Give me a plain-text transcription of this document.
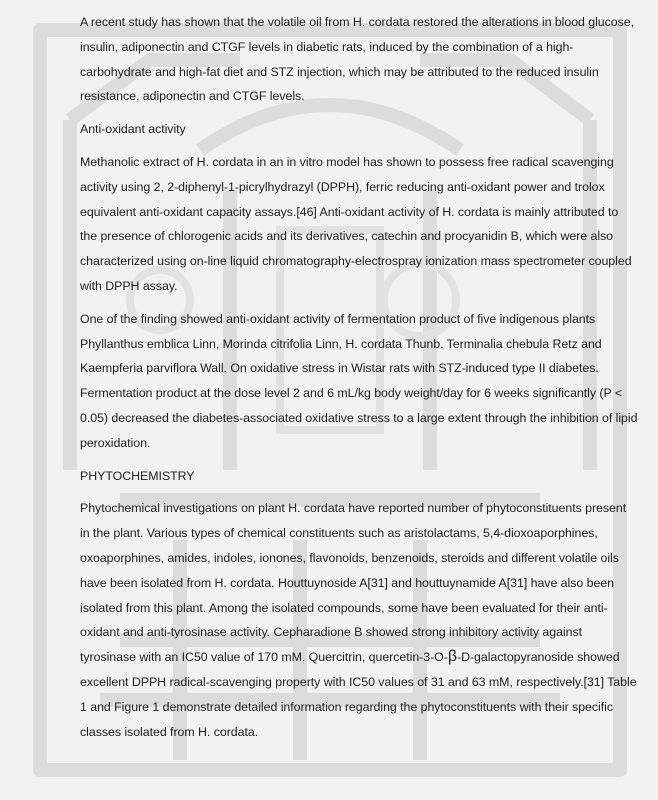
A recent study has shown that the volatile oil from H. cordata restored the alterations in blood glucose, insulin, adiponectin and CTGF levels in diabetic rats, induced by the combination of a high-carbohydrate and high-fat diet and STZ injection, which may be attributed to the reduced insulin resistance, adiponectin and CTGF levels.

Anti-oxidant activity

Methanolic extract of H. cordata in an in vitro model has shown to possess free radical scavenging activity using 2, 2-diphenyl-1-picrylhydrazyl (DPPH), ferric reducing anti-oxidant power and trolox equivalent anti-oxidant capacity assays.[46] Anti-oxidant activity of H. cordata is mainly attributed to the presence of chlorogenic acids and its derivatives, catechin and procyanidin B, which were also characterized using on-line liquid chromatography-electrospray ionization mass spectrometer coupled with DPPH assay.

One of the finding showed anti-oxidant activity of fermentation product of five indigenous plants Phyllanthus emblica Linn, Morinda citrifolia Linn, H. cordata Thunb. Terminalia chebula Retz and Kaempferia parviflora Wall. On oxidative stress in Wistar rats with STZ-induced type II diabetes. Fermentation product at the dose level 2 and 6 mL/kg body weight/day for 6 weeks significantly (P < 0.05) decreased the diabetes-associated oxidative stress to a large extent through the inhibition of lipid peroxidation.

PHYTOCHEMISTRY

Phytochemical investigations on plant H. cordata have reported number of phytoconstituents present in the plant. Various types of chemical constituents such as aristolactams, 5,4-dioxoaporphines, oxoaporphines, amides, indoles, ionones, flavonoids, benzenoids, steroids and different volatile oils have been isolated from H. cordata. Houttuynoside A[31] and houttuynamide A[31] have also been isolated from this plant. Among the isolated compounds, some have been evaluated for their anti-oxidant and anti-tyrosinase activity. Cepharadione B showed strong inhibitory activity against tyrosinase with an IC50 value of 170 mM. Quercitrin, quercetin-3-O-β-D-galactopyranoside showed excellent DPPH radical-scavenging property with IC50 values of 31 and 63 mM, respectively.[31] Table 1 and Figure 1 demonstrate detailed information regarding the phytoconstituents with their specific classes isolated from H. cordata.
